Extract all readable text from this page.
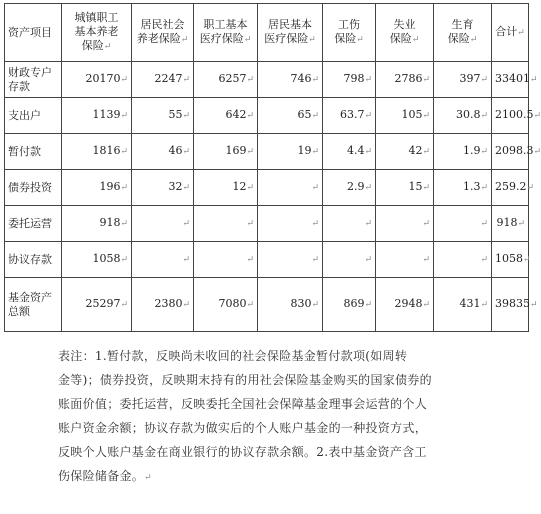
资产项目	城镇职工
基本养老
保险↵	居民社会
养老保险↵	职工基本
医疗保险↵	居民基本
医疗保险↵	工伤
保险↵	失业
保险↵	生育
保险↵	合计↵
财政专户
存款	20170↵	2247↵	6257↵	746↵	798↵	2786↵	397↵	33401↵
支出户	1139↵	55↵	642↵	65↵	63.7↵	105↵	30.8↵	2100.5↵
暂付款	1816↵	46↵	169↵	19↵	4.4↵	42↵	1.9↵	2098.3↵
债券投资	196↵	32↵	12↵	↵	2.9↵	15↵	1.3↵	259.2↵
委托运营	918↵	↵	↵	↵	↵	↵	↵	918↵
协议存款	1058↵	↵	↵	↵	↵	↵	↵	1058↵
基金资产
总额	25297↵	2380↵	7080↵	830↵	869↵	2948↵	431↵	39835↵
表注：1.暂付款，反映尚未收回的社会保险基金暂付款项(如周转
金等)；债券投资，反映期末持有的用社会保险基金购买的国家债券的
账面价值；委托运营，反映委托全国社会保障基金理事会运营的个人
账户资金余额；协议存款为做实后的个人账户基金的一种投资方式，
反映个人账户基金在商业银行的协议存款余额。2.表中基金资产含工
伤保险储备金。↵
